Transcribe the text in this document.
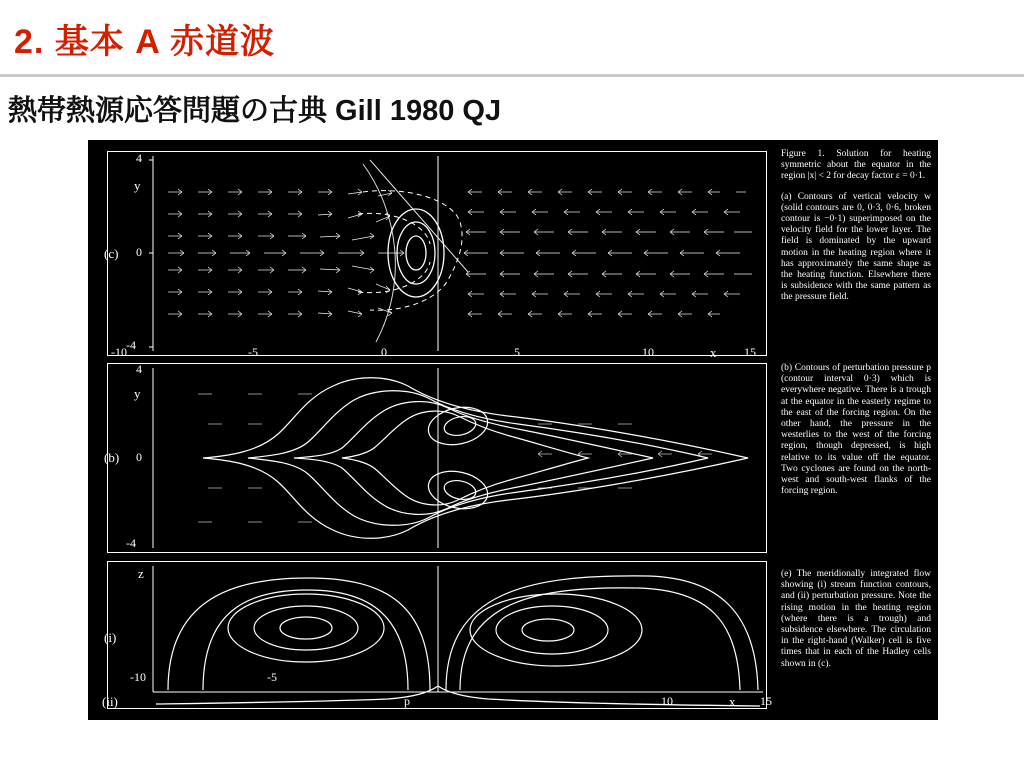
2. 基本 A 赤道波
熱帯熱源応答問題の古典 Gill 1980 QJ
y
(c)
4
0
-4
-10	-5	0	5	10	x 15
y
(b)
4
0
-4
z
(i)
(ii)
-10	-5
p	10	x 15
Figure 1. Solution for heating symmetric about the equator in the region |x| < 2 for decay factor ε = 0·1.
(a) Contours of vertical velocity w (solid contours are 0, 0·3, 0·6, broken contour is −0·1) superimposed on the velocity field for the lower layer. The field is dominated by the upward motion in the heating region where it has approximately the same shape as the heating function. Elsewhere there is subsidence with the same pattern as the pressure field.
(b) Contours of perturbation pressure p (contour interval 0·3) which is everywhere negative. There is a trough at the equator in the easterly regime to the east of the forcing region. On the other hand, the pressure in the westerlies to the west of the forcing region, though depressed, is high relative to its value off the equator. Two cyclones are found on the north-west and south-west flanks of the forcing region.
(e) The meridionally integrated flow showing (i) stream function contours, and (ii) perturbation pressure. Note the rising motion in the heating region (where there is a trough) and subsidence elsewhere. The circulation in the right-hand (Walker) cell is five times that in each of the Hadley cells shown in (c).
